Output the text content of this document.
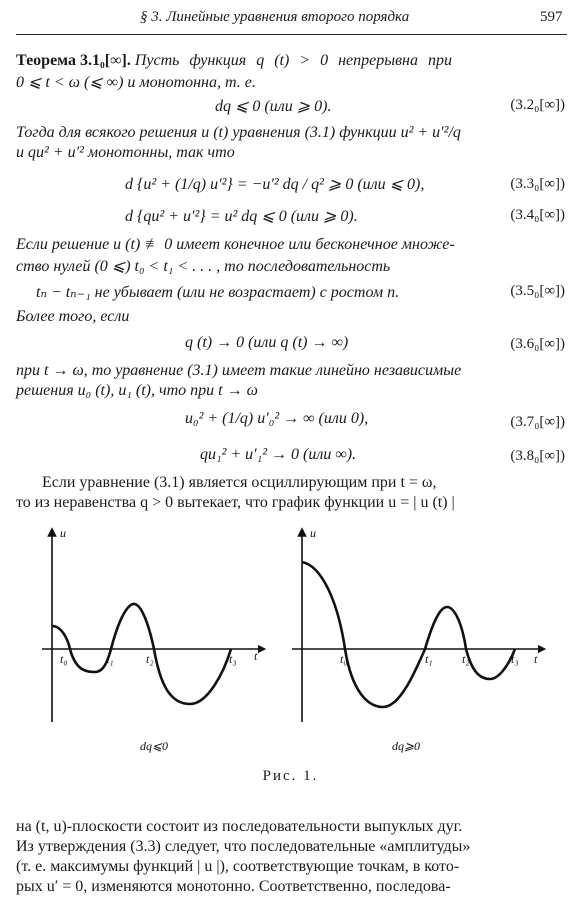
§ 3. Линейные уравнения второго порядка	597
Теорема 3.1₀[∞]. Пусть функция q (t) > 0 непрерывна при
0 ⩽ t < ω (⩽ ∞) и монотонна, т. е.
dq ⩽ 0 (или ⩾ 0).	(3.2₀[∞])
Тогда для всякого решения u (t) уравнения (3.1) функции u² + u′²/q
и qu² + u′² монотонны, так что
d {u² + (1/q) u′²} = −u′² dq / q² ⩾ 0 (или ⩽ 0),	(3.3₀[∞])
d {qu² + u′²} = u² dq ⩽ 0 (или ⩾ 0).	(3.4₀[∞])
Если решение u (t) ≢ 0 имеет конечное или бесконечное множе-
ство нулей (0 ⩽) t₀ < t₁ < . . . , то последовательность
tₙ − tₙ₋₁ не убывает (или не возрастает) с ростом n.	(3.5₀[∞])
Более того, если
q (t) → 0 (или q (t) → ∞)	(3.6₀[∞])
при t → ω, то уравнение (3.1) имеет такие линейно независимые
решения u₀ (t), u₁ (t), что при t → ω
u₀² + (1/q) u′₀² → ∞ (или 0),	(3.7₀[∞])
qu₁² + u′₁² → 0 (или ∞).	(3.8₀[∞])
Если уравнение (3.1) является осциллирующим при t = ω,
то из неравенства q > 0 вытекает, что график функции u = | u (t) |
u
t
t₀	t₁	t₂	t₃
dq⩽0
u
t
t₀	t₁ t₂	t₃
dq⩾0
Рис. 1.
на (t, u)-плоскости состоит из последовательности выпуклых дуг.
Из утверждения (3.3) следует, что последовательные «амплитуды»
(т. е. максимумы функций | u |), соответствующие точкам, в кото-
рых u′ = 0, изменяются монотонно. Соответственно, последова-
